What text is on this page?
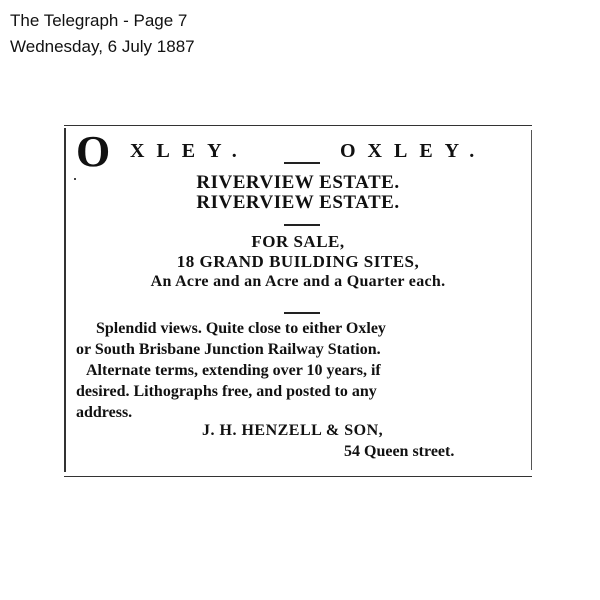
The Telegraph - Page 7
Wednesday, 6 July 1887
O XLEY.	OXLEY.
RIVERVIEW ESTATE.
RIVERVIEW ESTATE.
FOR SALE,
18 GRAND BUILDING SITES,
An Acre and an Acre and a Quarter each.
Splendid views. Quite close to either Oxley
or South Brisbane Junction Railway Station.
Alternate terms, extending over 10 years, if
desired. Lithographs free, and posted to any
address.
J. H. HENZELL & SON,
54 Queen street.
